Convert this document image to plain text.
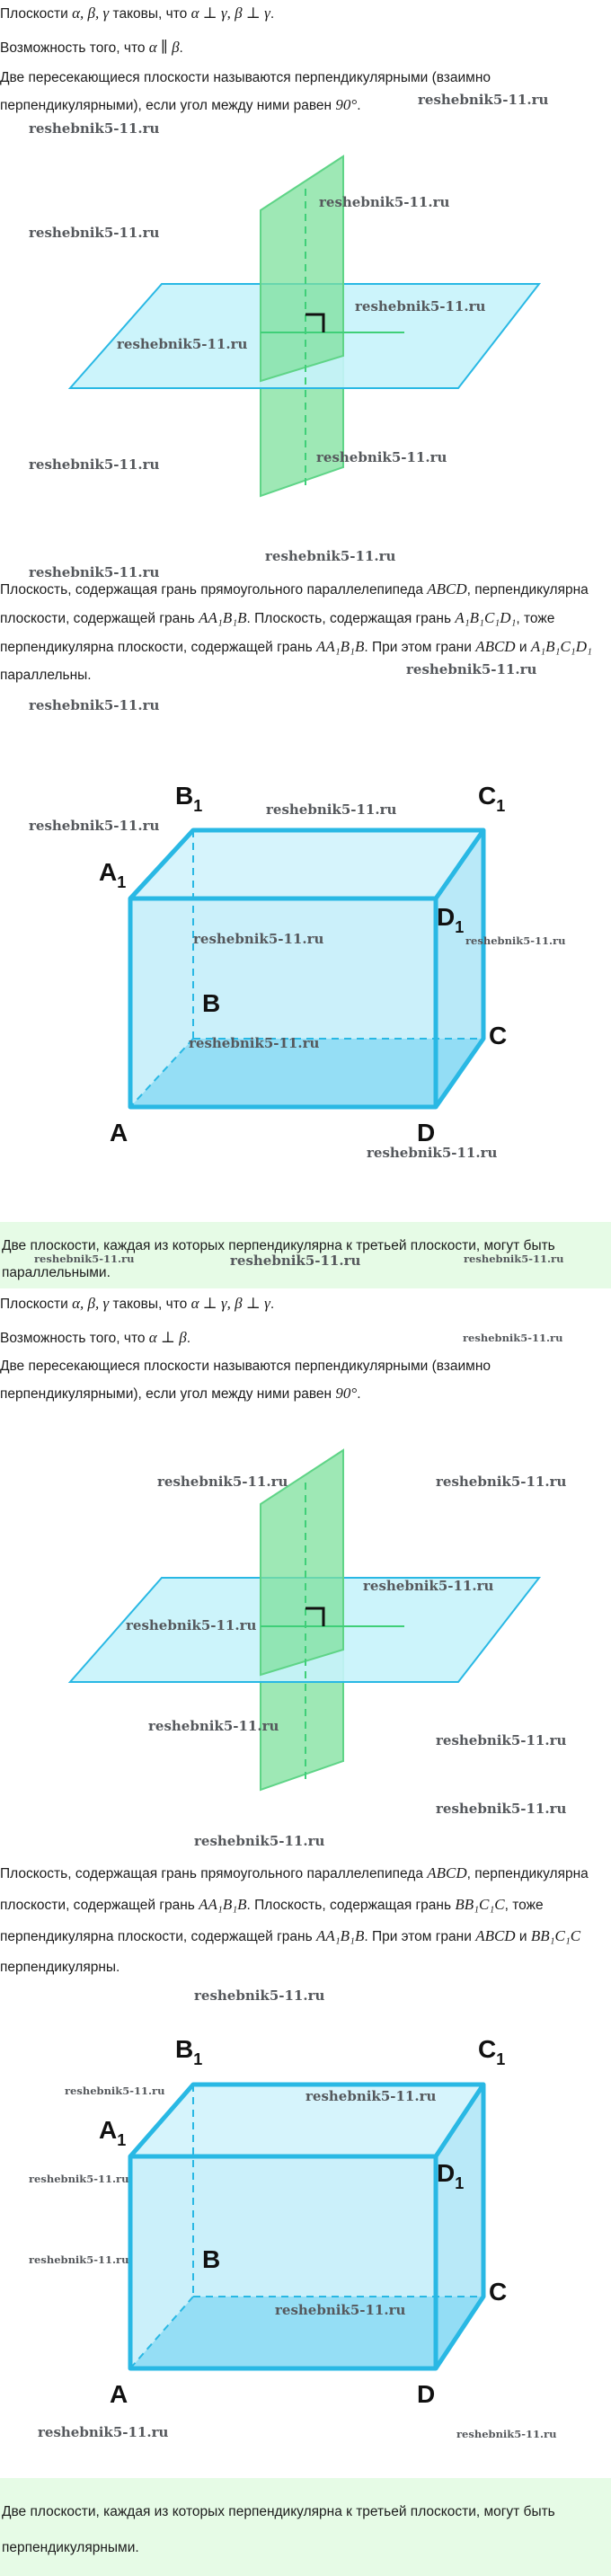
Плоскости α, β, γ таковы, что α ⊥ γ, β ⊥ γ.

Возможность того, что α ∥ β.

Две пересекающиеся плоскости называются перпендикулярными (взаимно перпендикулярными), если угол между ними равен 90°.

reshebnik5-11.ru
reshebnik5-11.ru
reshebnik5-11.ru
reshebnik5-11.ru
reshebnik5-11.ru
reshebnik5-11.ru
reshebnik5-11.ru
reshebnik5-11.ru
reshebnik5-11.ru
reshebnik5-11.ru

Плоскость, содержащая грань прямоугольного параллелепипеда ABCD, перпендикулярна плоскости, содержащей грань AA₁B₁B. Плоскость, содержащая грань A₁B₁C₁D₁, тоже перпендикулярна плоскости, содержащей грань AA₁B₁B. При этом грани ABCD и A₁B₁C₁D₁ параллельны.	reshebnik5-11.ru
reshebnik5-11.ru
$B_1$	$C_1$
$A_1$
$D_1$
B
C
A	D
reshebnik5-11.ru
reshebnik5-11.ru
reshebnik5-11.ru	reshebnik5-11.ru
reshebnik5-11.ru
reshebnik5-11.ru

Две плоскости, каждая из которых перпендикулярна к третьей плоскости, могут быть параллельными.

reshebnik5-11.ru	reshebnik5-11.ru	reshebnik5-11.ru

Плоскости α, β, γ таковы, что α ⊥ γ, β ⊥ γ.

Возможность того, что α ⊥ β.	reshebnik5-11.ru

Две пересекающиеся плоскости называются перпендикулярными (взаимно перпендикулярными), если угол между ними равен 90°.

reshebnik5-11.ru	reshebnik5-11.ru
reshebnik5-11.ru
reshebnik5-11.ru
reshebnik5-11.ru
reshebnik5-11.ru
reshebnik5-11.ru
reshebnik5-11.ru

Плоскость, содержащая грань прямоугольного параллелепипеда ABCD, перпендикулярна плоскости, содержащей грань AA₁B₁B. Плоскость, содержащая грань BB₁C₁C, тоже перпендикулярна плоскости, содержащей грань AA₁B₁B. При этом грани ABCD и BB₁C₁C перпендикулярны.

reshebnik5-11.ru
$B_1$	$C_1$
$A_1$
$D_1$
B
C
A	D
reshebnik5-11.ru	reshebnik5-11.ru
reshebnik5-11.ru
reshebnik5-11.ru
reshebnik5-11.ru
reshebnik5-11.ru	reshebnik5-11.ru

Две плоскости, каждая из которых перпендикулярна к третьей плоскости, могут быть перпендикулярными.
